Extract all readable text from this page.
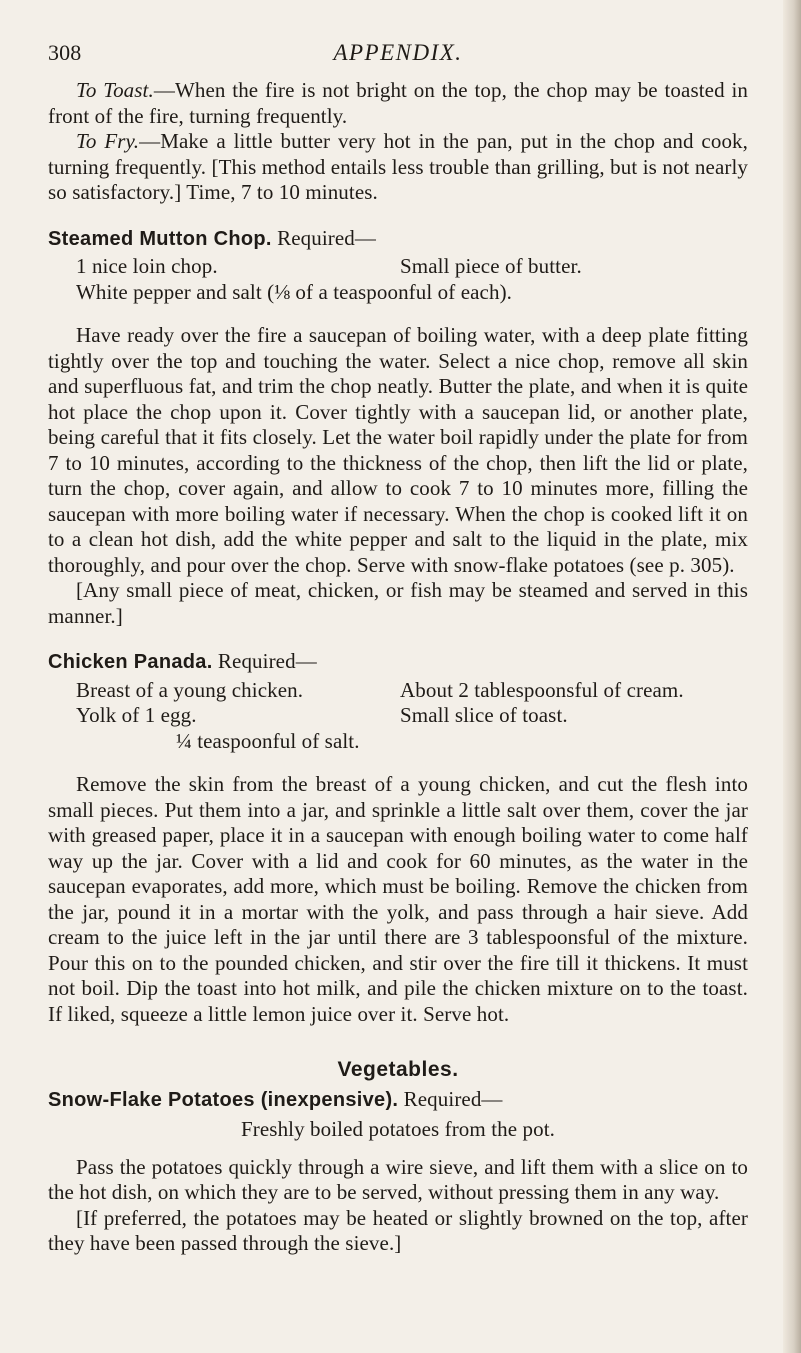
308	APPENDIX.

To Toast.—When the fire is not bright on the top, the chop may be toasted in front of the fire, turning frequently.

To Fry.—Make a little butter very hot in the pan, put in the chop and cook, turning frequently. [This method entails less trouble than grilling, but is not nearly so satisfactory.] Time, 7 to 10 minutes.

Steamed Mutton Chop. Required—

1 nice loin chop.	Small piece of butter.
White pepper and salt (⅛ of a teaspoonful of each).

Have ready over the fire a saucepan of boiling water, with a deep plate fitting tightly over the top and touching the water. Select a nice chop, remove all skin and superfluous fat, and trim the chop neatly. Butter the plate, and when it is quite hot place the chop upon it. Cover tightly with a saucepan lid, or another plate, being careful that it fits closely. Let the water boil rapidly under the plate for from 7 to 10 minutes, according to the thickness of the chop, then lift the lid or plate, turn the chop, cover again, and allow to cook 7 to 10 minutes more, filling the saucepan with more boiling water if necessary. When the chop is cooked lift it on to a clean hot dish, add the white pepper and salt to the liquid in the plate, mix thoroughly, and pour over the chop. Serve with snow-flake potatoes (see p. 305).

[Any small piece of meat, chicken, or fish may be steamed and served in this manner.]

Chicken Panada. Required—

Breast of a young chicken.	About 2 tablespoonsful of cream.
Yolk of 1 egg.	Small slice of toast.
¼ teaspoonful of salt.

Remove the skin from the breast of a young chicken, and cut the flesh into small pieces. Put them into a jar, and sprinkle a little salt over them, cover the jar with greased paper, place it in a saucepan with enough boiling water to come half way up the jar. Cover with a lid and cook for 60 minutes, as the water in the saucepan evaporates, add more, which must be boiling. Remove the chicken from the jar, pound it in a mortar with the yolk, and pass through a hair sieve. Add cream to the juice left in the jar until there are 3 tablespoonsful of the mixture. Pour this on to the pounded chicken, and stir over the fire till it thickens. It must not boil. Dip the toast into hot milk, and pile the chicken mixture on to the toast. If liked, squeeze a little lemon juice over it. Serve hot.

Vegetables.

Snow-Flake Potatoes (inexpensive). Required—

Freshly boiled potatoes from the pot.

Pass the potatoes quickly through a wire sieve, and lift them with a slice on to the hot dish, on which they are to be served, without pressing them in any way.

[If preferred, the potatoes may be heated or slightly browned on the top, after they have been passed through the sieve.]
